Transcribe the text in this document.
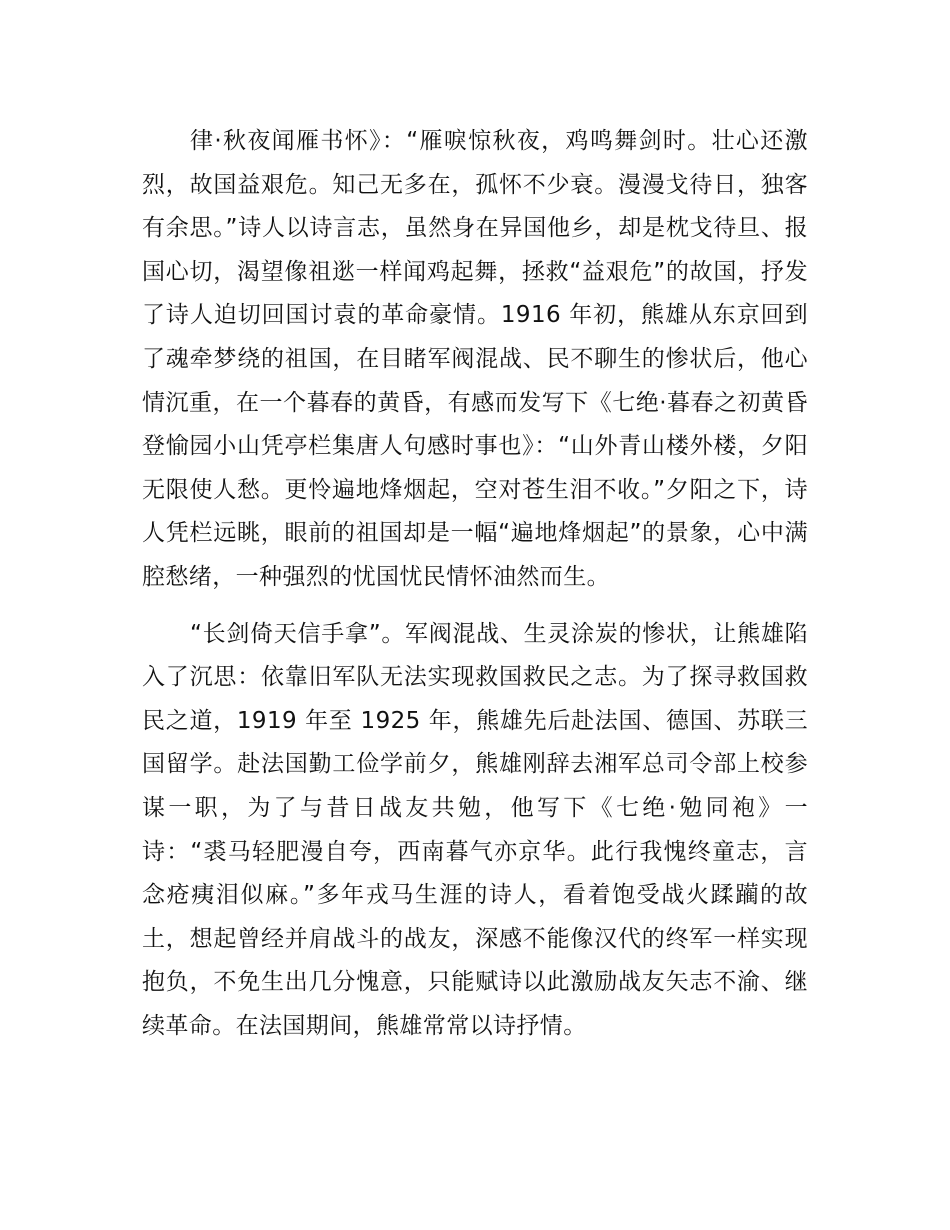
律·秋夜闻雁书怀》：“雁唳惊秋夜，鸡鸣舞剑时。壮心还激烈，故国益艰危。知己无多在，孤怀不少衰。漫漫戈待日，独客有余思。”诗人以诗言志，虽然身在异国他乡，却是枕戈待旦、报国心切，渴望像祖逖一样闻鸡起舞，拯救“益艰危”的故国，抒发了诗人迫切回国讨袁的革命豪情。1916 年初，熊雄从东京回到了魂牵梦绕的祖国，在目睹军阀混战、民不聊生的惨状后，他心情沉重，在一个暮春的黄昏，有感而发写下《七绝·暮春之初黄昏登愉园小山凭亭栏集唐人句感时事也》：“山外青山楼外楼，夕阳无限使人愁。更怜遍地烽烟起，空对苍生泪不收。”夕阳之下，诗人凭栏远眺，眼前的祖国却是一幅“遍地烽烟起”的景象，心中满腔愁绪，一种强烈的忧国忧民情怀油然而生。

“长剑倚天信手拿”。军阀混战、生灵涂炭的惨状，让熊雄陷入了沉思：依靠旧军队无法实现救国救民之志。为了探寻救国救民之道，1919 年至 1925 年，熊雄先后赴法国、德国、苏联三国留学。赴法国勤工俭学前夕，熊雄刚辞去湘军总司令部上校参谋一职，为了与昔日战友共勉，他写下《七绝·勉同袍》一诗：“裘马轻肥漫自夸，西南暮气亦京华。此行我愧终童志，言念疮痍泪似麻。”多年戎马生涯的诗人，看着饱受战火蹂躏的故土，想起曾经并肩战斗的战友，深感不能像汉代的终军一样实现抱负，不免生出几分愧意，只能赋诗以此激励战友矢志不渝、继续革命。在法国期间，熊雄常常以诗抒情。
